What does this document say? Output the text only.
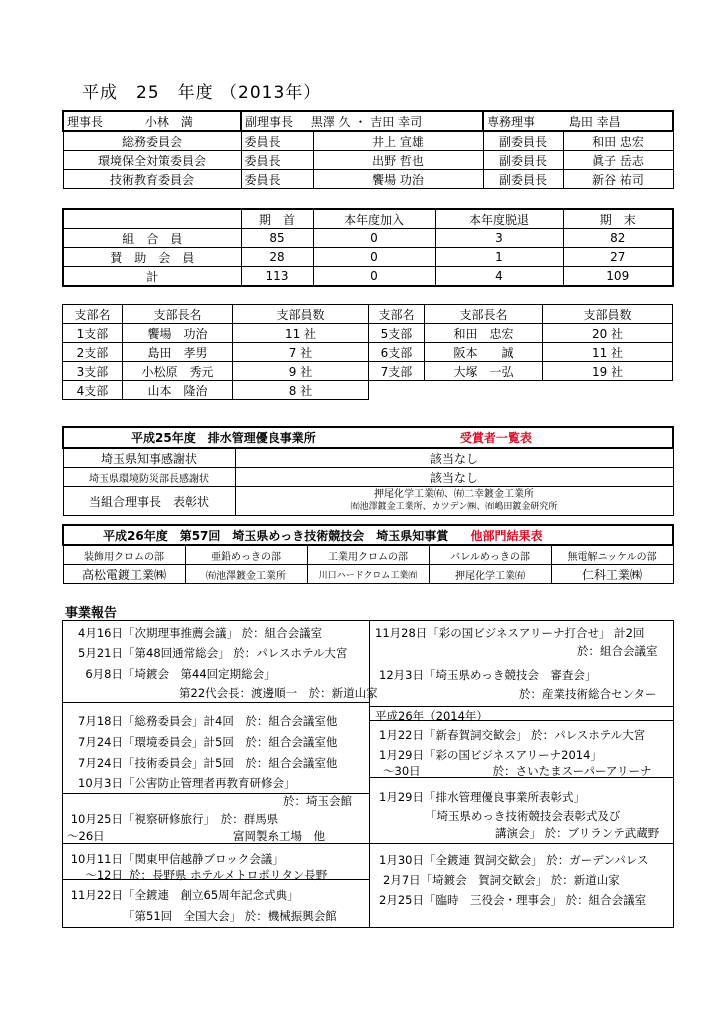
平成　25　年度 （2013年）
理事長 小林　満	副理事長 黒澤 久 ・ 吉田 幸司		専務理事 島田 幸昌	
総務委員会	委員長	井上 宣雄	副委員長	和田 忠宏
環境保全対策委員会	委員長	出野 哲也	副委員長	眞子 岳志
技術教育委員会	委員長	饗場 功治	副委員長	新谷 祐司
	期　首	本年度加入	本年度脱退	期　末
組　合　員	85	0	3	82
賛　助　会　員	28	0	1	27
計	113	0	4	109
支部名	支部長名	支部員数
1支部	饗場　功治	11 社
2支部	島田　孝男	7 社
3支部	小松原　秀元	9 社
4支部	山本　隆治	8 社
支部名	支部長名	支部員数
5支部	和田　忠宏	20 社
6支部	阪本　　誠	11 社
7支部	大塚　一弘	19 社
平成25年度　排水管理優良事業所 受賞者一覧表	
埼玉県知事感謝状	該当なし
埼玉県環境防災部長感謝状	該当なし
当組合理事長　表彰状	押尾化学工業㈲、㈲二幸鍍金工業所
㈲池澤鍍金工業所、カツデン㈱、㈲嶋田鍍金研究所
平成26年度　第57回　埼玉県めっき技術競技会　埼玉県知事賞 他部門結果表				
装飾用クロムの部	亜鉛めっきの部	工業用クロムの部	バレルめっきの部	無電解ニッケルの部
高松電鍍工業㈱	㈲池澤鍍金工業所	川口ハードクロム工業㈲	押尾化学工業㈲	仁科工業㈱
事業報告
4月16日「次期理事推薦会議」 於：組合会議室
5月21日「第48回通常総会」 於：パレスホテル大宮
6月8日「埼鍍会　第44回定期総会」
第22代会長：渡邊順一　於：新道山家
7月18日「総務委員会」計4回　於：組合会議室他
7月24日「環境委員会」計5回　於：組合会議室他
7月24日「技術委員会」計5回　於：組合会議室他
10月3日「公害防止管理者再教育研修会」
於：埼玉会館
10月25日「視察研修旅行」　於：群馬県
～26日	富岡製糸工場　他
10月11日「関東甲信越静ブロック会議」
～12日 於：長野県 ホテルメトロポリタン長野
11月22日「全鍍連　創立65周年記念式典」
「第51回　全国大会」 於：機械振興会館
11月28日「彩の国ビジネスアリーナ打合せ」 計2回
於：組合会議室
12月3日「埼玉県めっき競技会　審査会」
於：産業技術総合センター
平成26年（2014年）
1月22日「新春賀詞交歓会」 於：パレスホテル大宮
1月29日「彩の国ビジネスアリーナ2014」
～30日	於：さいたまスーパーアリーナ
1月29日「排水管理優良事業所表彰式」
「埼玉県めっき技術競技会表彰式及び
講演会」 於：ブリランテ武蔵野
1月30日「全鍍連 賀詞交歓会」 於：ガーデンパレス
2月7日「埼鍍会　賀詞交歓会」 於：新道山家
2月25日「臨時　三役会・理事会」 於：組合会議室
